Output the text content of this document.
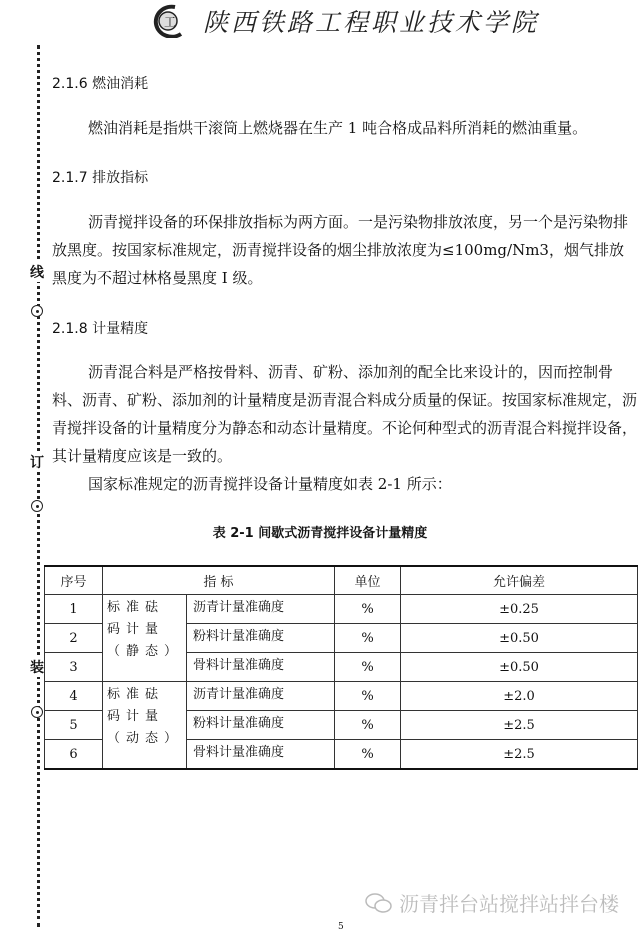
工 陕西铁路工程职业技术学院
线
订
装
2.1.6 燃油消耗
燃油消耗是指烘干滚筒上燃烧器在生产 1 吨合格成品料所消耗的燃油重量。
2.1.7 排放指标
沥青搅拌设备的环保排放指标为两方面。一是污染物排放浓度，另一个是污染物排放黑度。按国家标准规定，沥青搅拌设备的烟尘排放浓度为≤100mg/Nm3，烟气排放黑度为不超过林格曼黑度 I 级。
2.1.8 计量精度
沥青混合料是严格按骨料、沥青、矿粉、添加剂的配全比来设计的，因而控制骨料、沥青、矿粉、添加剂的计量精度是沥青混合料成分质量的保证。按国家标准规定，沥青搅拌设备的计量精度分为静态和动态计量精度。不论何种型式的沥青混合料搅拌设备，其计量精度应该是一致的。
国家标准规定的沥青搅拌设备计量精度如表 2-1 所示：
表 2-1 间歇式沥青搅拌设备计量精度
序号	指 标		单位	允许偏差
1	标准砝码计量（静态）	沥青计量准确度	%	±0.25
2		粉料计量准确度	%	±0.50
3		骨料计量准确度	%	±0.50
4	标准砝码计量（动态）	沥青计量准确度	%	±2.0
5		粉料计量准确度	%	±2.5
6		骨料计量准确度	%	±2.5
沥青拌台站搅拌站拌台楼
5
